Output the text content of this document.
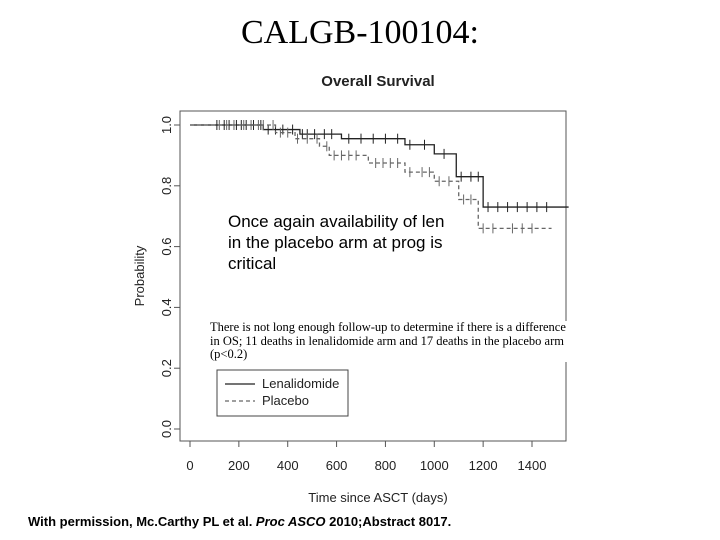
CALGB-100104:
Overall Survival
0	200 400 600 800 1000 1200 1400
0.0
0.2
0.4
0.6
0.8
1.0
Time since ASCT (days)
Probability
Lenalidomide
Placebo
Once again availability of len in the placebo arm at prog is critical
There is not long enough follow-up to determine if there is a difference in OS; 11 deaths in lenalidomide arm and 17 deaths in the placebo arm (p<0.2)
With permission, Mc.Carthy PL et al. Proc ASCO 2010;Abstract 8017.
